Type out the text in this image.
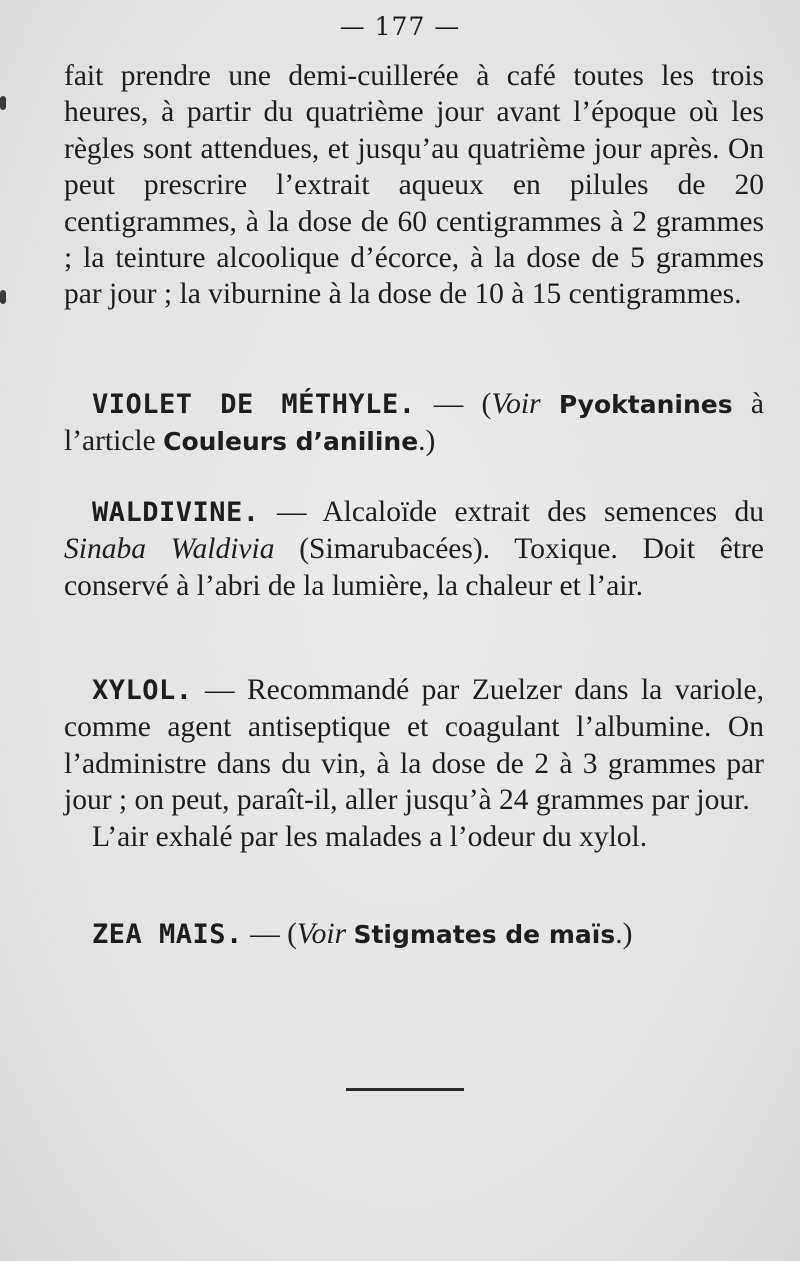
— 177 —

fait prendre une demi-cuillerée à café toutes les trois heures, à partir du quatrième jour avant l’époque où les règles sont attendues, et jusqu’au quatrième jour après. On peut prescrire l’extrait aqueux en pilules de 20 centigrammes, à la dose de 60 centigrammes à 2 grammes ; la teinture alcoolique d’écorce, à la dose de 5 grammes par jour ; la viburnine à la dose de 10 à 15 centigrammes.

VIOLET DE MÉTHYLE. — (Voir Pyoktanines à l’article Couleurs d’aniline.)

WALDIVINE. — Alcaloïde extrait des semences du Sinaba Waldivia (Simarubacées). Toxique. Doit être conservé à l’abri de la lumière, la chaleur et l’air.

XYLOL. — Recommandé par Zuelzer dans la variole, comme agent antiseptique et coagulant l’albumine. On l’administre dans du vin, à la dose de 2 à 3 grammes par jour ; on peut, paraît-il, aller jusqu’à 24 grammes par jour.

L’air exhalé par les malades a l’odeur du xylol.

ZEA MAIS. — (Voir Stigmates de maïs.)
